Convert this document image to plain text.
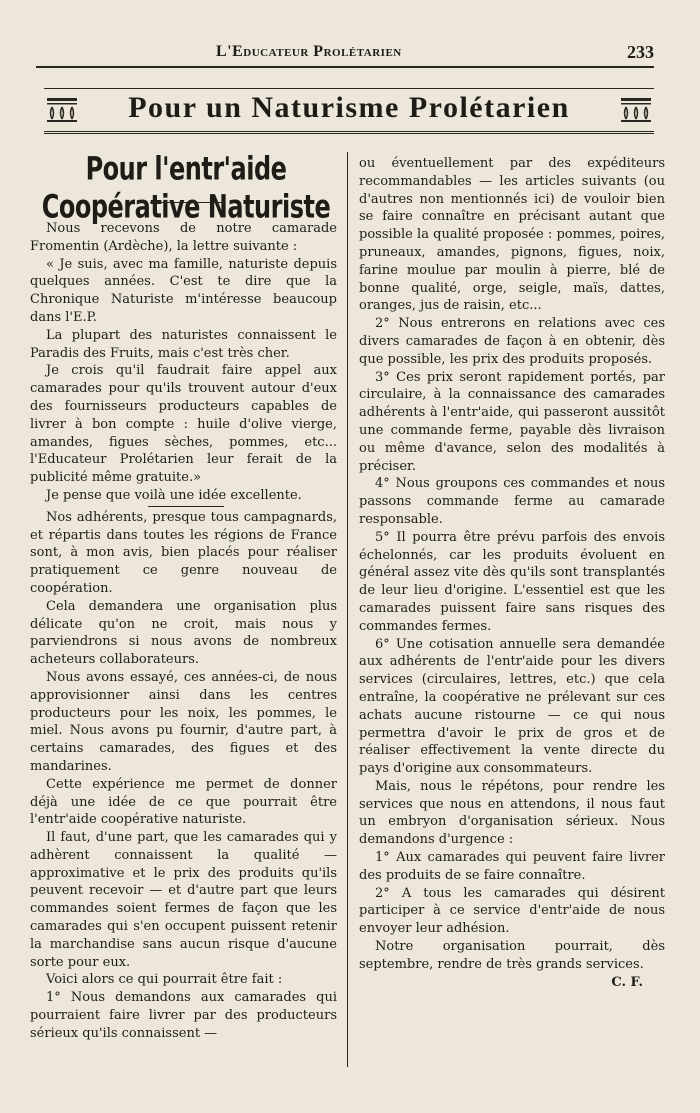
L'Educateur Prolétarien	233
Pour un Naturisme Prolétarien
Pour l'entr'aide Coopérative Naturiste

Nous recevons de notre camarade Fromentin (Ardèche), la lettre suivante :

« Je suis, avec ma famille, naturiste depuis quelques années. C'est te dire que la Chronique Naturiste m'intéresse beaucoup dans l'E.P.

La plupart des naturistes connaissent le Paradis des Fruits, mais c'est très cher.

Je crois qu'il faudrait faire appel aux camarades pour qu'ils trouvent autour d'eux des fournisseurs producteurs capables de livrer à bon compte : huile d'olive vierge, amandes, figues sèches, pommes, etc... l'Educateur Prolétarien leur ferait de la publicité même gratuite.»

Je pense que voilà une idée excellente.

Nos adhérents, presque tous campagnards, et répartis dans toutes les régions de France sont, à mon avis, bien placés pour réaliser pratiquement ce genre nouveau de coopération.

Cela demandera une organisation plus délicate qu'on ne croit, mais nous y parviendrons si nous avons de nombreux acheteurs collaborateurs.

Nous avons essayé, ces années-ci, de nous approvisionner ainsi dans les centres producteurs pour les noix, les pommes, le miel. Nous avons pu fournir, d'autre part, à certains camarades, des figues et des mandarines.

Cette expérience me permet de donner déjà une idée de ce que pourrait être l'entr'aide coopérative naturiste.

Il faut, d'une part, que les camarades qui y adhèrent connaissent la qualité — approximative et le prix des produits qu'ils peuvent recevoir — et d'autre part que leurs commandes soient fermes de façon que les camarades qui s'en occupent puissent retenir la marchandise sans aucun risque d'aucune sorte pour eux.

Voici alors ce qui pourrait être fait :

1° Nous demandons aux camarades qui pourraient faire livrer par des producteurs sérieux qu'ils connaissent —

ou éventuellement par des expéditeurs recommandables — les articles suivants (ou d'autres non mentionnés ici) de vouloir bien se faire connaître en précisant autant que possible la qualité proposée : pommes, poires, pruneaux, amandes, pignons, figues, noix, farine moulue par moulin à pierre, blé de bonne qualité, orge, seigle, maïs, dattes, oranges, jus de raisin, etc...

2° Nous entrerons en relations avec ces divers camarades de façon à en obtenir, dès que possible, les prix des produits proposés.

3° Ces prix seront rapidement portés, par circulaire, à la connaissance des camarades adhérents à l'entr'aide, qui passeront aussitôt une commande ferme, payable dès livraison ou même d'avance, selon des modalités à préciser.

4° Nous groupons ces commandes et nous passons commande ferme au camarade responsable.

5° Il pourra être prévu parfois des envois échelonnés, car les produits évoluent en général assez vite dès qu'ils sont transplantés de leur lieu d'origine. L'essentiel est que les camarades puissent faire sans risques des commandes fermes.

6° Une cotisation annuelle sera demandée aux adhérents de l'entr'aide pour les divers services (circulaires, lettres, etc.) que cela entraîne, la coopérative ne prélevant sur ces achats aucune ristourne — ce qui nous permettra d'avoir le prix de gros et de réaliser effectivement la vente directe du pays d'origine aux consommateurs.

Mais, nous le répétons, pour rendre les services que nous en attendons, il nous faut un embryon d'organisation sérieux. Nous demandons d'urgence :

1° Aux camarades qui peuvent faire livrer des produits de se faire connaître.

2° A tous les camarades qui désirent participer à ce service d'entr'aide de nous envoyer leur adhésion.

Notre organisation pourrait, dès septembre, rendre de très grands services.

C. F.
